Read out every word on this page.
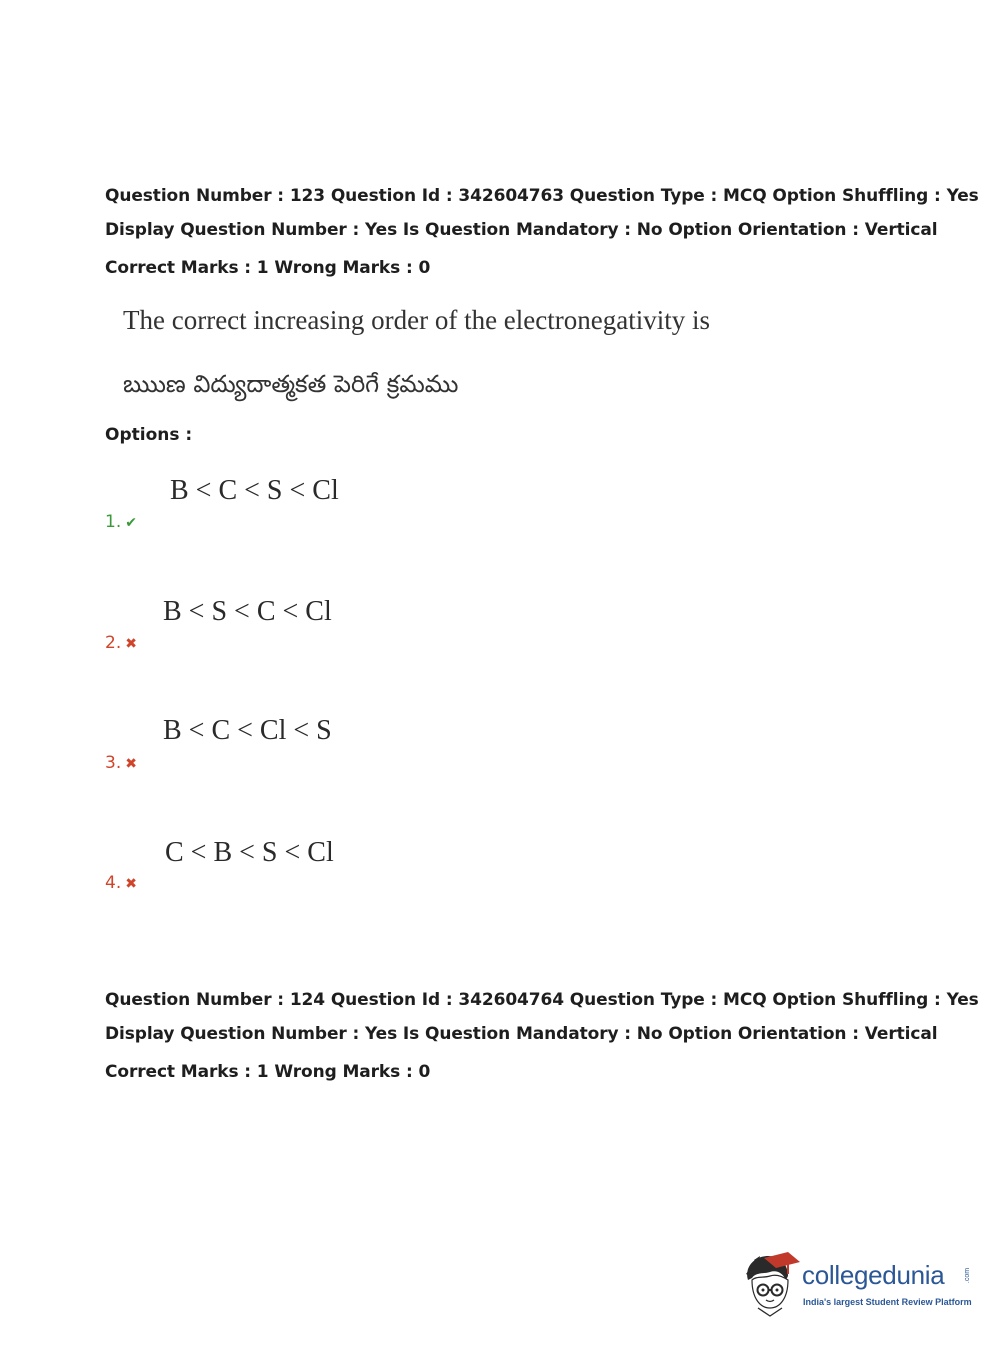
Question Number : 123 Question Id : 342604763 Question Type : MCQ Option Shuffling : Yes
Display Question Number : Yes Is Question Mandatory : No Option Orientation : Vertical
Correct Marks : 1 Wrong Marks : 0
The correct increasing order of the electronegativity is
ఋుణ విద్యుదాత్మకత పెరిగే క్రమము
Options :
B < C < S < Cl
1. ✔
B < S < C < Cl
2. ✖
B < C < Cl < S
3. ✖
C < B < S < Cl
4. ✖
Question Number : 124 Question Id : 342604764 Question Type : MCQ Option Shuffling : Yes
Display Question Number : Yes Is Question Mandatory : No Option Orientation : Vertical
Correct Marks : 1 Wrong Marks : 0
collegedunia
India's largest Student Review Platform
.com
